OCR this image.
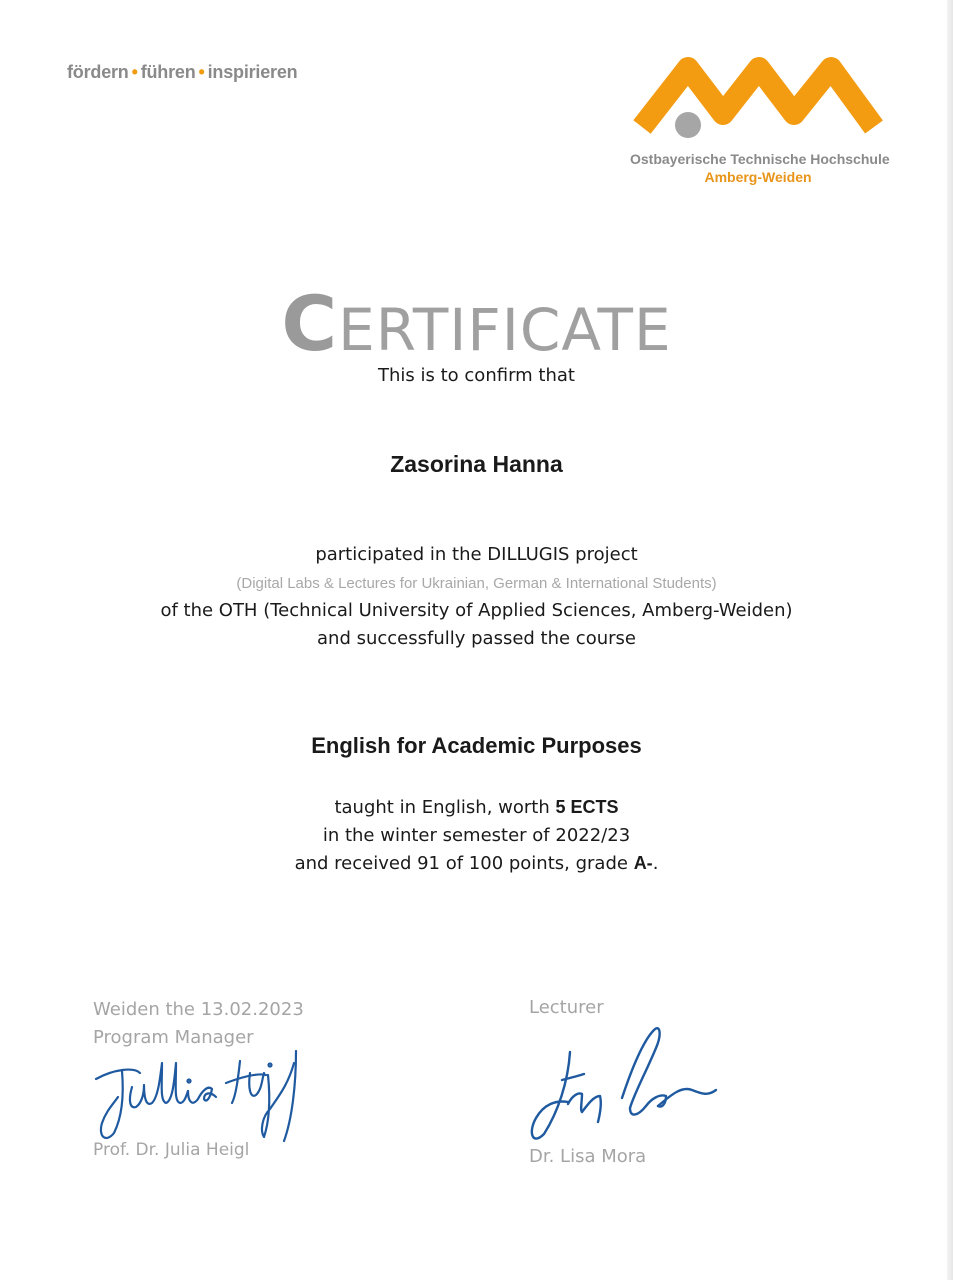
fördern • führen • inspirieren
Ostbayerische Technische Hochschule
Amberg-Weiden
CERTIFICATE
This is to confirm that
Zasorina Hanna
participated in the DILLUGIS project
(Digital Labs & Lectures for Ukrainian, German & International Students)
of the OTH (Technical University of Applied Sciences, Amberg-Weiden)
and successfully passed the course
English for Academic Purposes
taught in English, worth 5 ECTS
in the winter semester of 2022/23
and received 91 of 100 points, grade A-.
Weiden the 13.02.2023
Program Manager
Prof. Dr. Julia Heigl
Lecturer
Dr. Lisa Mora
